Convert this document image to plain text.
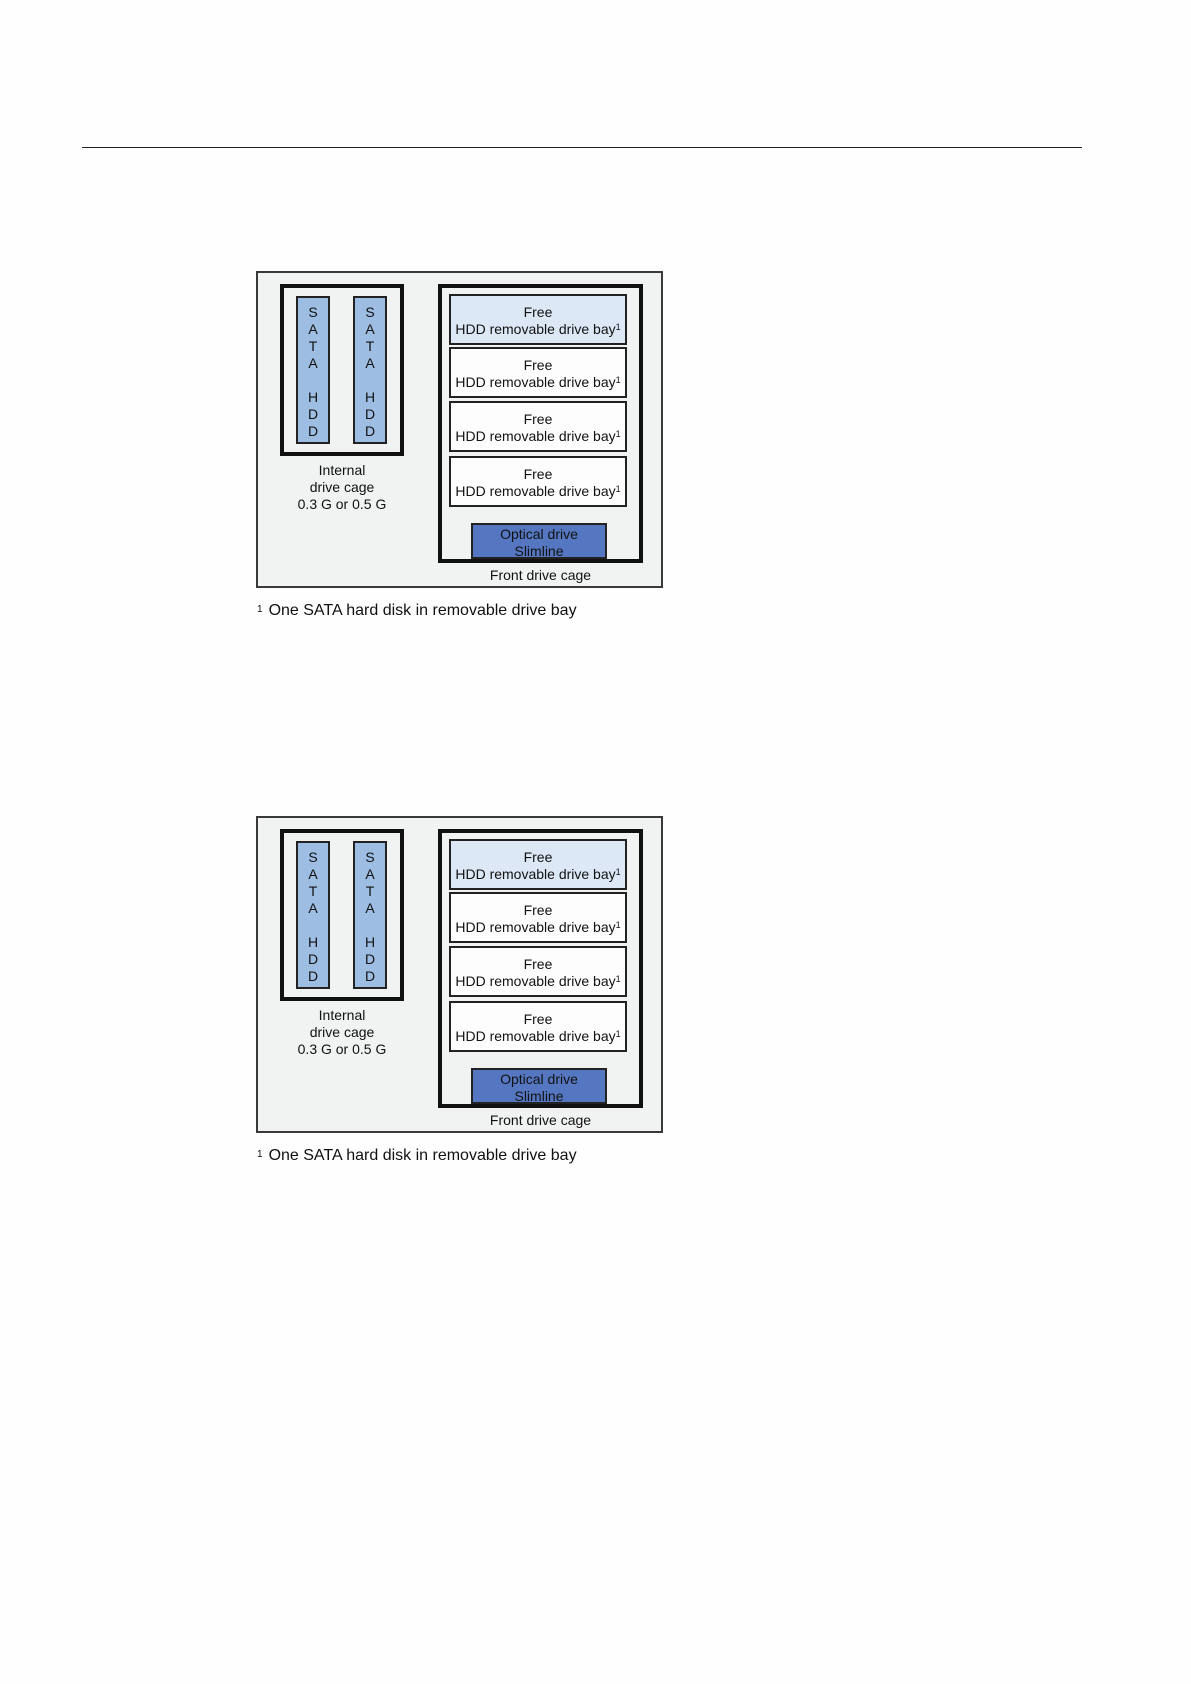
S
A
T
A
H
D
D
S
A
T
A
H
D
D
Internal
drive cage
0.3 G or 0.5 G
Free
HDD removable drive bay$^1$
Free
HDD removable drive bay$^1$
Free
HDD removable drive bay$^1$
Free
HDD removable drive bay$^1$
Optical drive
Slimline
Front drive cage
$^1$ One SATA hard disk in removable drive bay
S
A
T
A
H
D
D
S
A
T
A
H
D
D
Internal
drive cage
0.3 G or 0.5 G
Free
HDD removable drive bay$^1$
Free
HDD removable drive bay$^1$
Free
HDD removable drive bay$^1$
Free
HDD removable drive bay$^1$
Optical drive
Slimline
Front drive cage
$^1$ One SATA hard disk in removable drive bay
